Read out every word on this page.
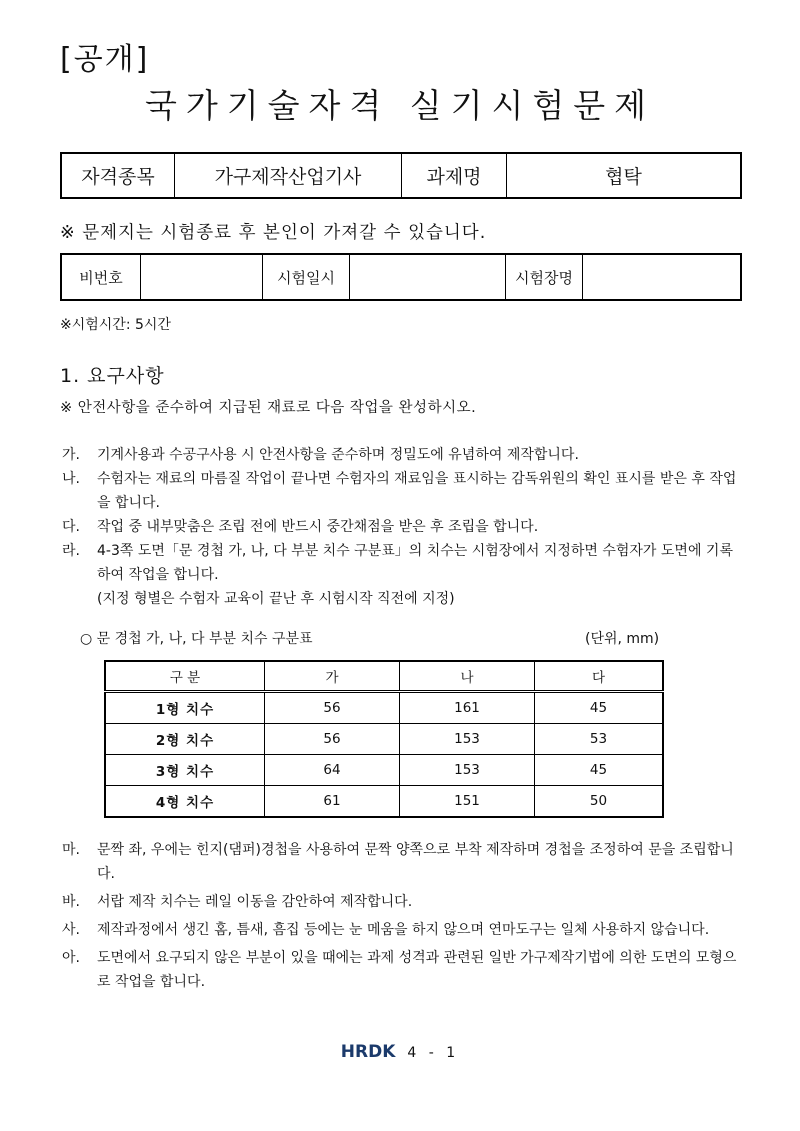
[공개]
국가기술자격 실기시험문제
자격종목	가구제작산업기사	과제명	협탁
※ 문제지는 시험종료 후 본인이 가져갈 수 있습니다.
비번호		시험일시		시험장명	
※시험시간: 5시간
1. 요구사항
※ 안전사항을 준수하여 지급된 재료로 다음 작업을 완성하시오.
가. 기계사용과 수공구사용 시 안전사항을 준수하며 정밀도에 유념하여 제작합니다.
나. 수험자는 재료의 마름질 작업이 끝나면 수험자의 재료임을 표시하는 감독위원의 확인 표시를 받은 후 작업을 합니다.
다. 작업 중 내부맞춤은 조립 전에 반드시 중간채점을 받은 후 조립을 합니다.
라. 4-3쪽 도면「문 경첩 가, 나, 다 부분 치수 구분표」의 치수는 시험장에서 지정하면 수험자가 도면에 기록하여 작업을 합니다.
(지정 형별은 수험자 교육이 끝난 후 시험시작 직전에 지정)
○ 문 경첩 가, 나, 다 부분 치수 구분표	(단위, mm)
구 분	가	나	다
1형 치수	56	161	45
2형 치수	56	153	53
3형 치수	64	153	45
4형 치수	61	151	50
마. 문짝 좌, 우에는 힌지(댐퍼)경첩을 사용하여 문짝 양쪽으로 부착 제작하며 경첩을 조정하여 문을 조립합니다.
바. 서랍 제작 치수는 레일 이동을 감안하여 제작합니다.
사. 제작과정에서 생긴 홈, 틈새, 흠집 등에는 눈 메움을 하지 않으며 연마도구는 일체 사용하지 않습니다.
아. 도면에서 요구되지 않은 부분이 있을 때에는 과제 성격과 관련된 일반 가구제작기법에 의한 도면의 모형으로 작업을 합니다.
HRDK 4 - 1
